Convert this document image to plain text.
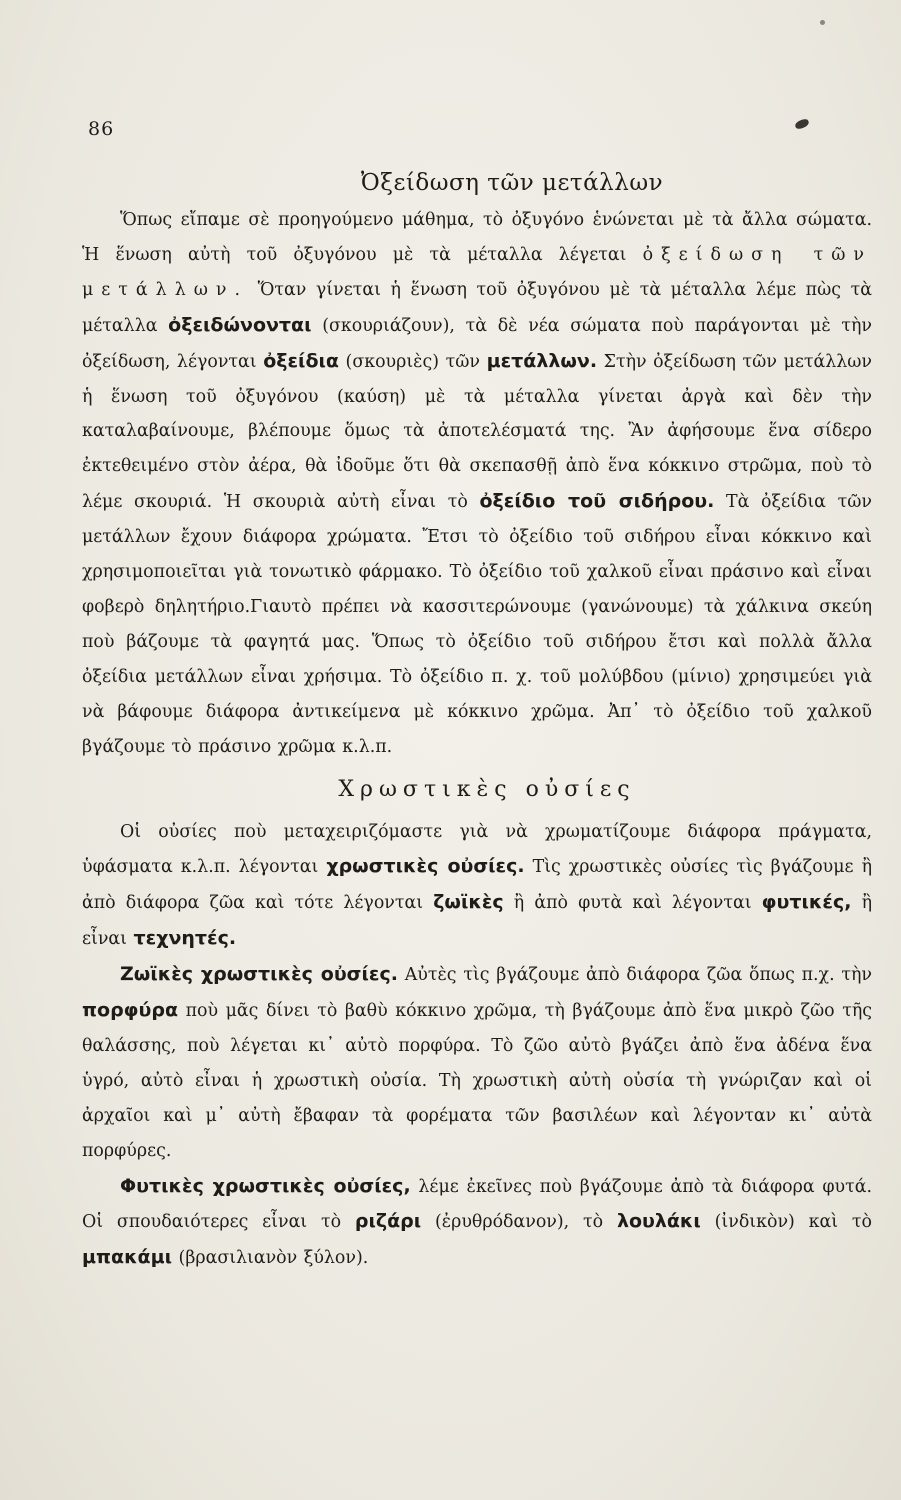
86
Ὀξείδωση τῶν μετάλλων
Ὅπως εἴπαμε σὲ προηγούμενο μάθημα, τὸ ὀξυγόνο ἑνώνεται μὲ τὰ ἄλλα σώματα. Ἡ ἕνωση αὐτὴ τοῦ ὀξυγόνου μὲ τὰ μέταλλα λέγεται ὀξείδωση τῶν μετάλλων. Ὅταν γίνεται ἡ ἕνωση τοῦ ὀξυγόνου μὲ τὰ μέταλλα λέμε πὼς τὰ μέταλλα ὀξειδώνονται (σκουριάζουν), τὰ δὲ νέα σώματα ποὺ παράγονται μὲ τὴν ὀξείδωση, λέγονται ὀξείδια (σκουριὲς) τῶν μετάλλων. Στὴν ὀξείδωση τῶν μετάλλων ἡ ἕνωση τοῦ ὀξυγόνου (καύση) μὲ τὰ μέταλλα γίνεται ἀργὰ καὶ δὲν τὴν καταλαβαίνουμε, βλέπουμε ὅμως τὰ ἀποτελέσματά της. Ἂν ἀφήσουμε ἕνα σίδερο ἐκτεθειμένο στὸν ἀέρα, θὰ ἰδοῦμε ὅτι θὰ σκεπασθῇ ἀπὸ ἕνα κόκκινο στρῶμα, ποὺ τὸ λέμε σκουριά. Ἡ σκουριὰ αὐτὴ εἶναι τὸ ὀξείδιο τοῦ σιδήρου. Τὰ ὀξείδια τῶν μετάλλων ἔχουν διάφορα χρώματα. Ἔτσι τὸ ὀξείδιο τοῦ σιδήρου εἶναι κόκκινο καὶ χρησιμοποιεῖται γιὰ τονωτικὸ φάρμακο. Τὸ ὀξείδιο τοῦ χαλκοῦ εἶναι πράσινο καὶ εἶναι φοβερὸ δηλητήριο.Γιαυτὸ πρέπει νὰ κασσιτερώνουμε (γανώνουμε) τὰ χάλκινα σκεύη ποὺ βάζουμε τὰ φαγητά μας. Ὅπως τὸ ὀξείδιο τοῦ σιδήρου ἔτσι καὶ πολλὰ ἄλλα ὀξείδια μετάλλων εἶναι χρήσιμα. Τὸ ὀξείδιο π. χ. τοῦ μολύβδου (μίνιο) χρησιμεύει γιὰ νὰ βάφουμε διάφορα ἀντικείμενα μὲ κόκκινο χρῶμα. Ἀπ᾿ τὸ ὀξείδιο τοῦ χαλκοῦ βγάζουμε τὸ πράσινο χρῶμα κ.λ.π.
Χρωστικὲς οὐσίες
Οἱ οὐσίες ποὺ μεταχειριζόμαστε γιὰ νὰ χρωματίζουμε διάφορα πράγματα, ὑφάσματα κ.λ.π. λέγονται χρωστικὲς οὐσίες. Τὶς χρωστικὲς οὐσίες τὶς βγάζουμε ἢ ἀπὸ διάφορα ζῶα καὶ τότε λέγονται ζωϊκὲς ἢ ἀπὸ φυτὰ καὶ λέγονται φυτικές, ἢ εἶναι τεχνητές.
Ζωϊκὲς χρωστικὲς οὐσίες. Αὐτὲς τὶς βγάζουμε ἀπὸ διάφορα ζῶα ὅπως π.χ. τὴν πορφύρα ποὺ μᾶς δίνει τὸ βαθὺ κόκκινο χρῶμα, τὴ βγάζουμε ἀπὸ ἕνα μικρὸ ζῶο τῆς θαλάσσης, ποὺ λέγεται κι᾿ αὐτὸ πορφύρα. Τὸ ζῶο αὐτὸ βγάζει ἀπὸ ἕνα ἀδένα ἕνα ὑγρό, αὐτὸ εἶναι ἡ χρωστικὴ οὐσία. Τὴ χρωστικὴ αὐτὴ οὐσία τὴ γνώριζαν καὶ οἱ ἀρχαῖοι καὶ μ᾿ αὐτὴ ἔβαφαν τὰ φορέματα τῶν βασιλέων καὶ λέγονταν κι᾿ αὐτὰ πορφύρες.
Φυτικὲς χρωστικὲς οὐσίες, λέμε ἐκεῖνες ποὺ βγάζουμε ἀπὸ τὰ διάφορα φυτά. Οἱ σπουδαιότερες εἶναι τὸ ριζάρι (ἐρυθρόδανον), τὸ λουλάκι (ἰνδικὸν) καὶ τὸ μπακάμι (βρασιλιανὸν ξύλον).
